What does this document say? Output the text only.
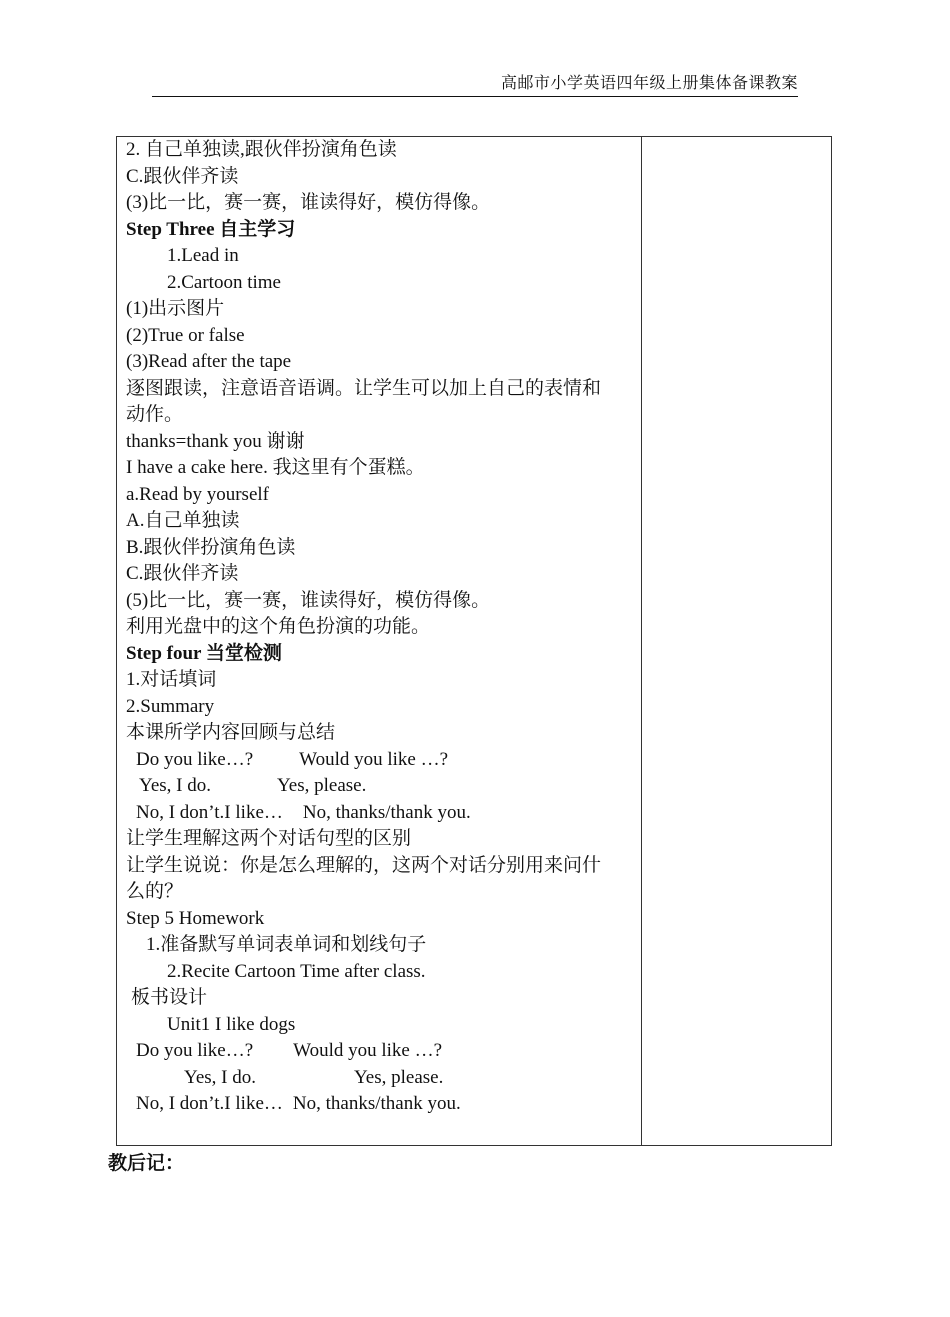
高邮市小学英语四年级上册集体备课教案
2. 自己单独读,跟伙伴扮演角色读
C.跟伙伴齐读
(3)比一比，赛一赛，谁读得好，模仿得像。
Step Three 自主学习
1.Lead in
2.Cartoon time
(1)出示图片
(2)True or false
(3)Read after the tape
逐图跟读，注意语音语调。让学生可以加上自己的表情和
动作。
thanks=thank you 谢谢
I have a cake here. 我这里有个蛋糕。
a.Read by yourself
A.自己单独读
B.跟伙伴扮演角色读
C.跟伙伴齐读
(5)比一比，赛一赛，谁读得好，模仿得像。
利用光盘中的这个角色扮演的功能。
Step four 当堂检测
1.对话填词
2.Summary
本课所学内容回顾与总结
Do you like…? Would you like …?
Yes, I do.	Yes, please.
No, I don’t.I like… No, thanks/thank you.
让学生理解这两个对话句型的区别
让学生说说：你是怎么理解的，这两个对话分别用来问什
么的？
Step 5 Homework
1.准备默写单词表单词和划线句子
2.Recite Cartoon Time after class.
板书设计
Unit1 I like dogs
Do you like…? Would you like …?
Yes, I do.	Yes, please.
No, I don’t.I like… No, thanks/thank you.
教后记：
